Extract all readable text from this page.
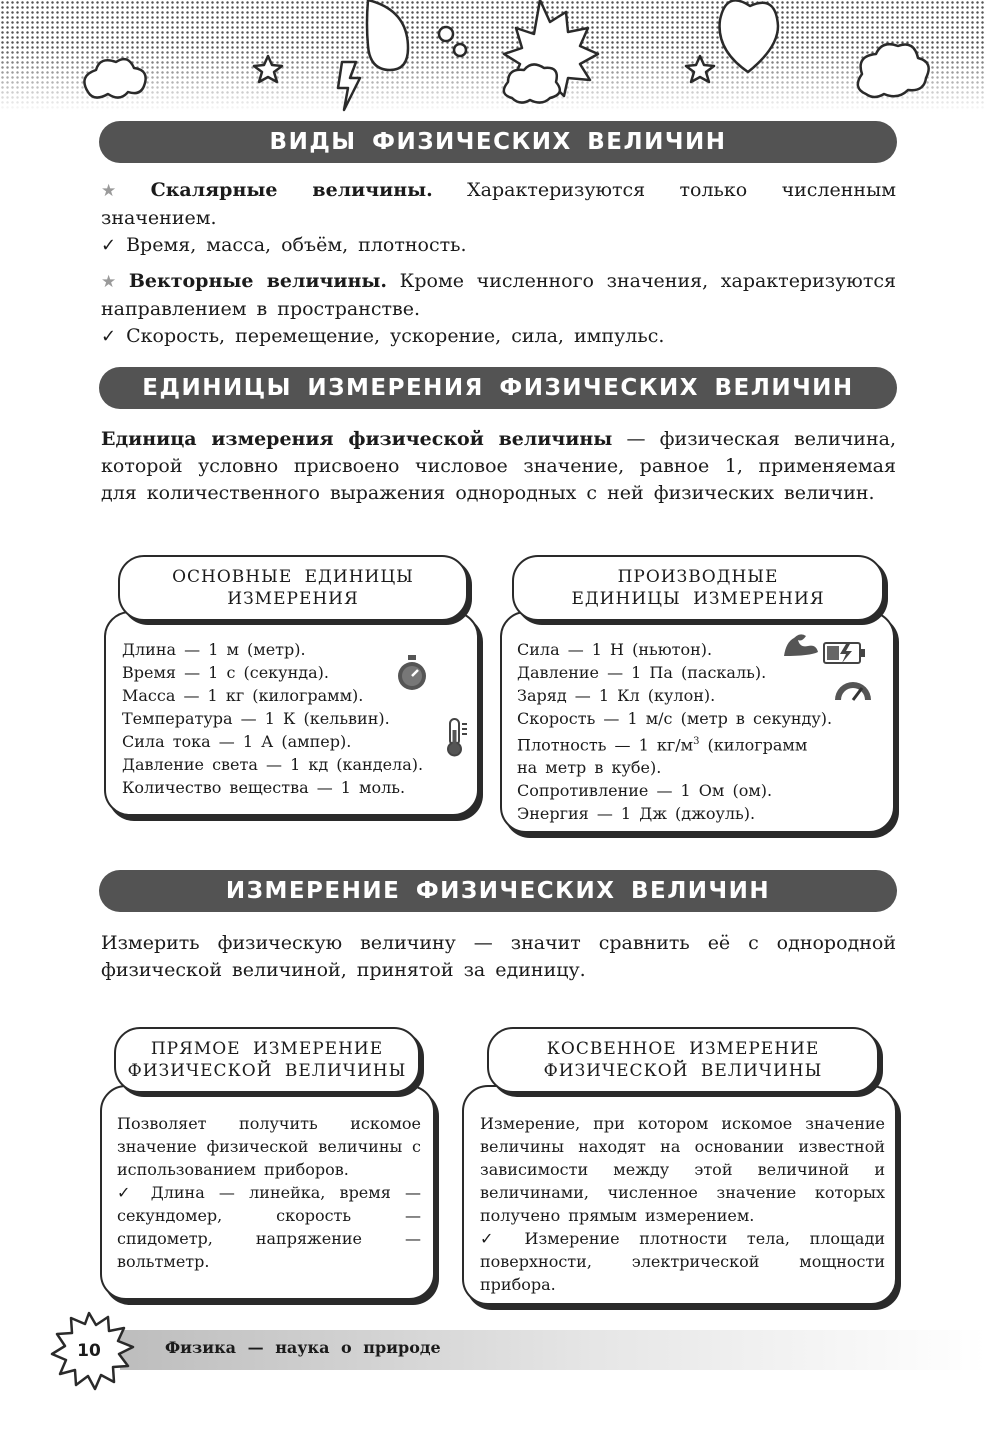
ВИДЫ ФИЗИЧЕСКИХ ВЕЛИЧИН

★ Скалярные величины. Характеризуются только численным значением.

✓ Время, масса, объём, плотность.

★ Векторные величины. Кроме численного значения, характеризуются направлением в пространстве.

✓ Скорость, перемещение, ускорение, сила, импульс.

ЕДИНИЦЫ ИЗМЕРЕНИЯ ФИЗИЧЕСКИХ ВЕЛИЧИН
Единица измерения физической величины — физическая величина, которой условно присвоено числовое значение, равное 1, применяемая для количественного выражения однородных с ней физических величин.
ОСНОВНЫЕ ЕДИНИЦЫ
ИЗМЕРЕНИЯ
Длина — 1 м (метр).
Время — 1 с (секунда).
Масса — 1 кг (килограмм).
Температура — 1 К (кельвин).
Сила тока — 1 А (ампер).
Давление света — 1 кд (кандела).
Количество вещества — 1 моль.
ПРОИЗВОДНЫЕ
ЕДИНИЦЫ ИЗМЕРЕНИЯ
Сила — 1 Н (ньютон).
Давление — 1 Па (паскаль).
Заряд — 1 Кл (кулон).
Скорость — 1 м/с (метр в секунду).
Плотность — 1 $кг/м^3$ (килограмм
на метр в кубе).
Сопротивление — 1 Ом (ом).
Энергия — 1 Дж (джоуль).
ИЗМЕРЕНИЕ ФИЗИЧЕСКИХ ВЕЛИЧИН
Измерить физическую величину — значит сравнить её с однородной физической величиной, принятой за единицу.
ПРЯМОЕ ИЗМЕРЕНИЕ
ФИЗИЧЕСКОЙ ВЕЛИЧИНЫ
Позволяет получить искомое значение физической величины с использованием приборов.
✓ Длина — линейка, время — секундомер, скорость — спидометр, напряжение — вольтметр.
КОСВЕННОЕ ИЗМЕРЕНИЕ
ФИЗИЧЕСКОЙ ВЕЛИЧИНЫ
Измерение, при котором искомое значение величины находят на основании известной зависимости между этой величиной и величинами, численное значение которых получено прямым измерением.
✓ Измерение плотности тела, площади поверхности, электрической мощности прибора.
10	Физика — наука о природе
